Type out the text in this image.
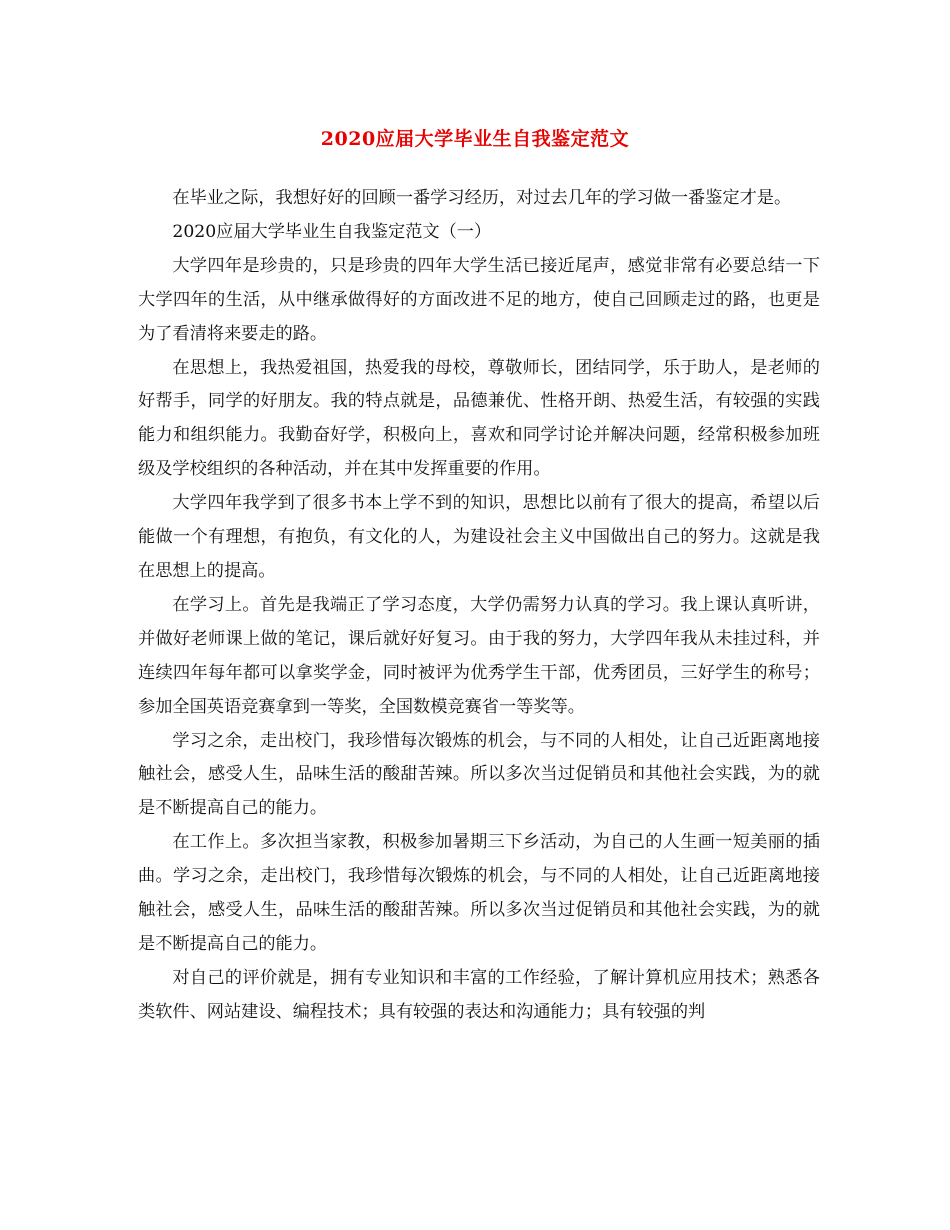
2020应届大学毕业生自我鉴定范文

在毕业之际，我想好好的回顾一番学习经历，对过去几年的学习做一番鉴定才是。

2020应届大学毕业生自我鉴定范文（一）

大学四年是珍贵的，只是珍贵的四年大学生活已接近尾声，感觉非常有必要总结一下大学四年的生活，从中继承做得好的方面改进不足的地方，使自己回顾走过的路，也更是为了看清将来要走的路。

在思想上，我热爱祖国，热爱我的母校，尊敬师长，团结同学，乐于助人，是老师的好帮手，同学的好朋友。我的特点就是，品德兼优、性格开朗、热爱生活，有较强的实践能力和组织能力。我勤奋好学，积极向上，喜欢和同学讨论并解决问题，经常积极参加班级及学校组织的各种活动，并在其中发挥重要的作用。

大学四年我学到了很多书本上学不到的知识，思想比以前有了很大的提高，希望以后能做一个有理想，有抱负，有文化的人，为建设社会主义中国做出自己的努力。这就是我在思想上的提高。

在学习上。首先是我端正了学习态度，大学仍需努力认真的学习。我上课认真听讲，并做好老师课上做的笔记，课后就好好复习。由于我的努力，大学四年我从未挂过科，并连续四年每年都可以拿奖学金，同时被评为优秀学生干部，优秀团员，三好学生的称号；参加全国英语竞赛拿到一等奖，全国数模竞赛省一等奖等。

学习之余，走出校门，我珍惜每次锻炼的机会，与不同的人相处，让自己近距离地接触社会，感受人生，品味生活的酸甜苦辣。所以多次当过促销员和其他社会实践，为的就是不断提高自己的能力。

在工作上。多次担当家教，积极参加暑期三下乡活动，为自己的人生画一短美丽的插曲。学习之余，走出校门，我珍惜每次锻炼的机会，与不同的人相处，让自己近距离地接触社会，感受人生，品味生活的酸甜苦辣。所以多次当过促销员和其他社会实践，为的就是不断提高自己的能力。

对自己的评价就是，拥有专业知识和丰富的工作经验，了解计算机应用技术；熟悉各类软件、网站建设、编程技术；具有较强的表达和沟通能力；具有较强的判
